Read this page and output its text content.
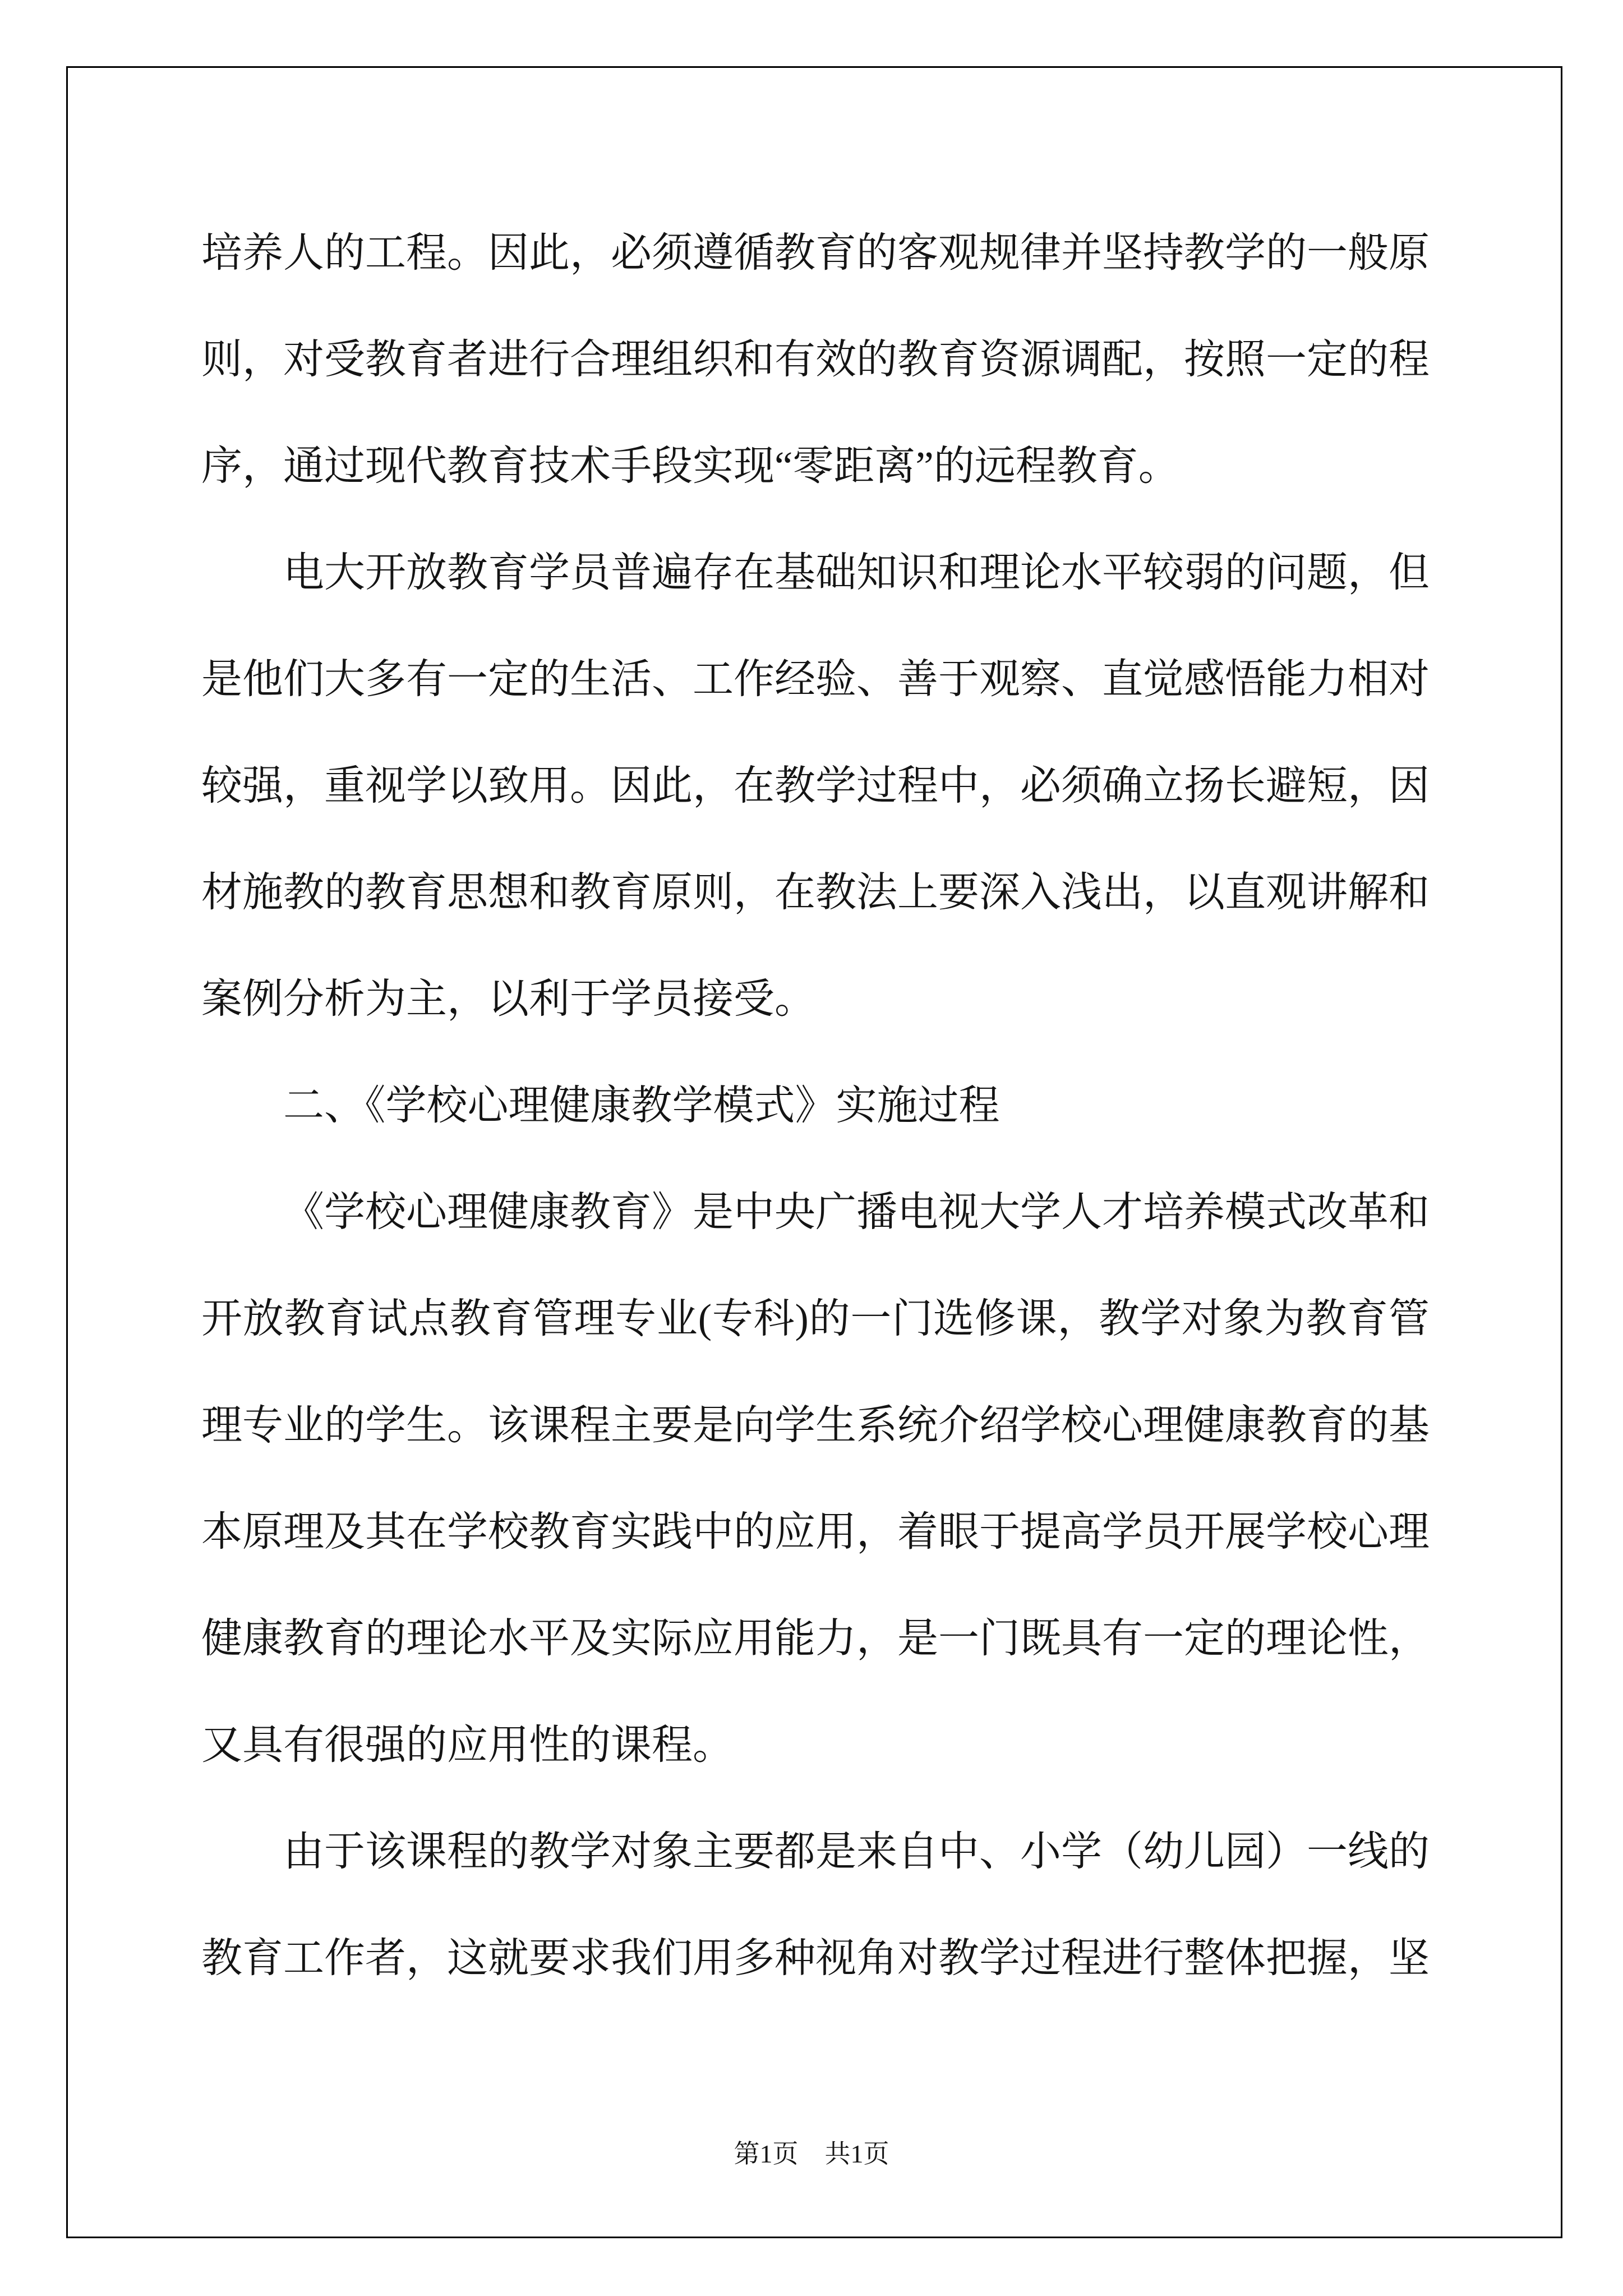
培养人的工程。因此，必须遵循教育的客观规律并坚持教学的一般原
则，对受教育者进行合理组织和有效的教育资源调配，按照一定的程
序，通过现代教育技术手段实现“零距离”的远程教育。
电大开放教育学员普遍存在基础知识和理论水平较弱的问题，但
是他们大多有一定的生活、工作经验、善于观察、直觉感悟能力相对
较强，重视学以致用。因此，在教学过程中，必须确立扬长避短，因
材施教的教育思想和教育原则，在教法上要深入浅出，以直观讲解和
案例分析为主，以利于学员接受。
二、《学校心理健康教学模式》实施过程
《学校心理健康教育》是中央广播电视大学人才培养模式改革和
开放教育试点教育管理专业(专科)的一门选修课，教学对象为教育管
理专业的学生。该课程主要是向学生系统介绍学校心理健康教育的基
本原理及其在学校教育实践中的应用，着眼于提高学员开展学校心理
健康教育的理论水平及实际应用能力，是一门既具有一定的理论性，
又具有很强的应用性的课程。
由于该课程的教学对象主要都是来自中、小学（幼儿园）一线的
教育工作者，这就要求我们用多种视角对教学过程进行整体把握，坚
第1页 共1页
